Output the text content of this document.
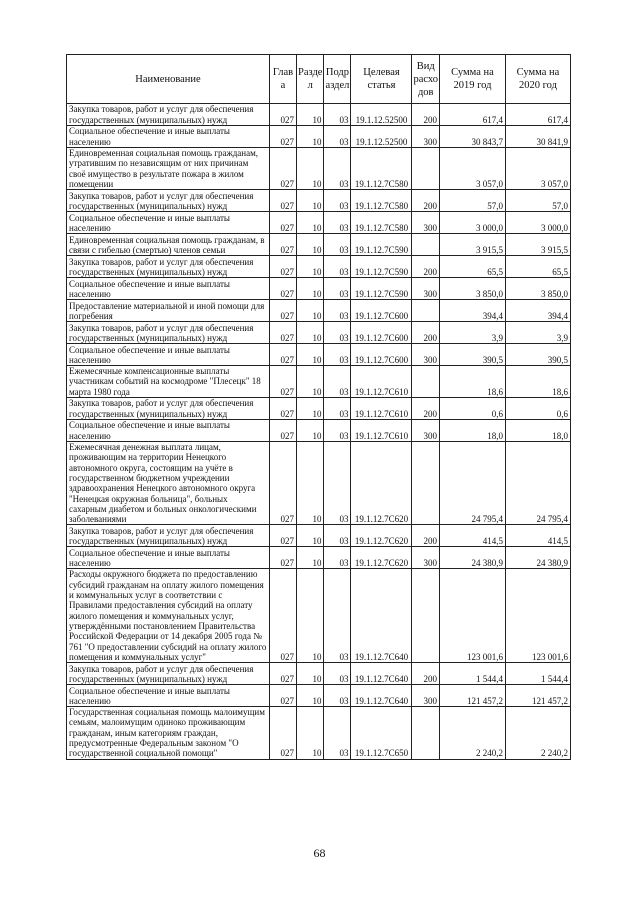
Наименование	Глав а	Разде л	Подр аздел	Целевая статья	Вид расхо дов	Сумма на 2019 год	Сумма на 2020 год
Закупка товаров, работ и услуг для обеспечения государственных (муниципальных) нужд	027	10	03	19.1.12.52500	200	617,4	617,4
Социальное обеспечение и иные выплаты населению	027	10	03	19.1.12.52500	300	30 843,7	30 841,9
Единовременная социальная помощь гражданам, утратившим по независящим от них причинам своё имущество в результате пожара в жилом помещении	027	10	03	19.1.12.7С580		3 057,0	3 057,0
Закупка товаров, работ и услуг для обеспечения государственных (муниципальных) нужд	027	10	03	19.1.12.7С580	200	57,0	57,0
Социальное обеспечение и иные выплаты населению	027	10	03	19.1.12.7С580	300	3 000,0	3 000,0
Единовременная социальная помощь гражданам, в связи с гибелью (смертью) членов семьи	027	10	03	19.1.12.7С590		3 915,5	3 915,5
Закупка товаров, работ и услуг для обеспечения государственных (муниципальных) нужд	027	10	03	19.1.12.7С590	200	65,5	65,5
Социальное обеспечение и иные выплаты населению	027	10	03	19.1.12.7С590	300	3 850,0	3 850,0
Предоставление материальной и иной помощи для погребения	027	10	03	19.1.12.7С600		394,4	394,4
Закупка товаров, работ и услуг для обеспечения государственных (муниципальных) нужд	027	10	03	19.1.12.7С600	200	3,9	3,9
Социальное обеспечение и иные выплаты населению	027	10	03	19.1.12.7С600	300	390,5	390,5
Ежемесячные компенсационные выплаты участникам событий на космодроме "Плесецк" 18 марта 1980 года	027	10	03	19.1.12.7С610		18,6	18,6
Закупка товаров, работ и услуг для обеспечения государственных (муниципальных) нужд	027	10	03	19.1.12.7С610	200	0,6	0,6
Социальное обеспечение и иные выплаты населению	027	10	03	19.1.12.7С610	300	18,0	18,0
Ежемесячная денежная выплата лицам, проживающим на территории Ненецкого автономного округа, состоящим на учёте в государственном бюджетном учреждении здравоохранения Ненецкого автономного округа "Ненецкая окружная больница", больных сахарным диабетом и больных онкологическими заболеваниями	027	10	03	19.1.12.7С620		24 795,4	24 795,4
Закупка товаров, работ и услуг для обеспечения государственных (муниципальных) нужд	027	10	03	19.1.12.7С620	200	414,5	414,5
Социальное обеспечение и иные выплаты населению	027	10	03	19.1.12.7С620	300	24 380,9	24 380,9
Расходы окружного бюджета по предоставлению субсидий гражданам на оплату жилого помещения и коммунальных услуг в соответствии с Правилами предоставления субсидий на оплату жилого помещения и коммунальных услуг, утверждёнными постановлением Правительства Российской Федерации от 14 декабря 2005 года № 761 "О предоставлении субсидий на оплату жилого помещения и коммунальных услуг"	027	10	03	19.1.12.7С640		123 001,6	123 001,6
Закупка товаров, работ и услуг для обеспечения государственных (муниципальных) нужд	027	10	03	19.1.12.7С640	200	1 544,4	1 544,4
Социальное обеспечение и иные выплаты населению	027	10	03	19.1.12.7С640	300	121 457,2	121 457,2
Государственная социальная помощь малоимущим семьям, малоимущим одиноко проживающим гражданам, иным категориям граждан, предусмотренные Федеральным законом "О государственной социальной помощи"	027	10	03	19.1.12.7С650		2 240,2	2 240,2
68
